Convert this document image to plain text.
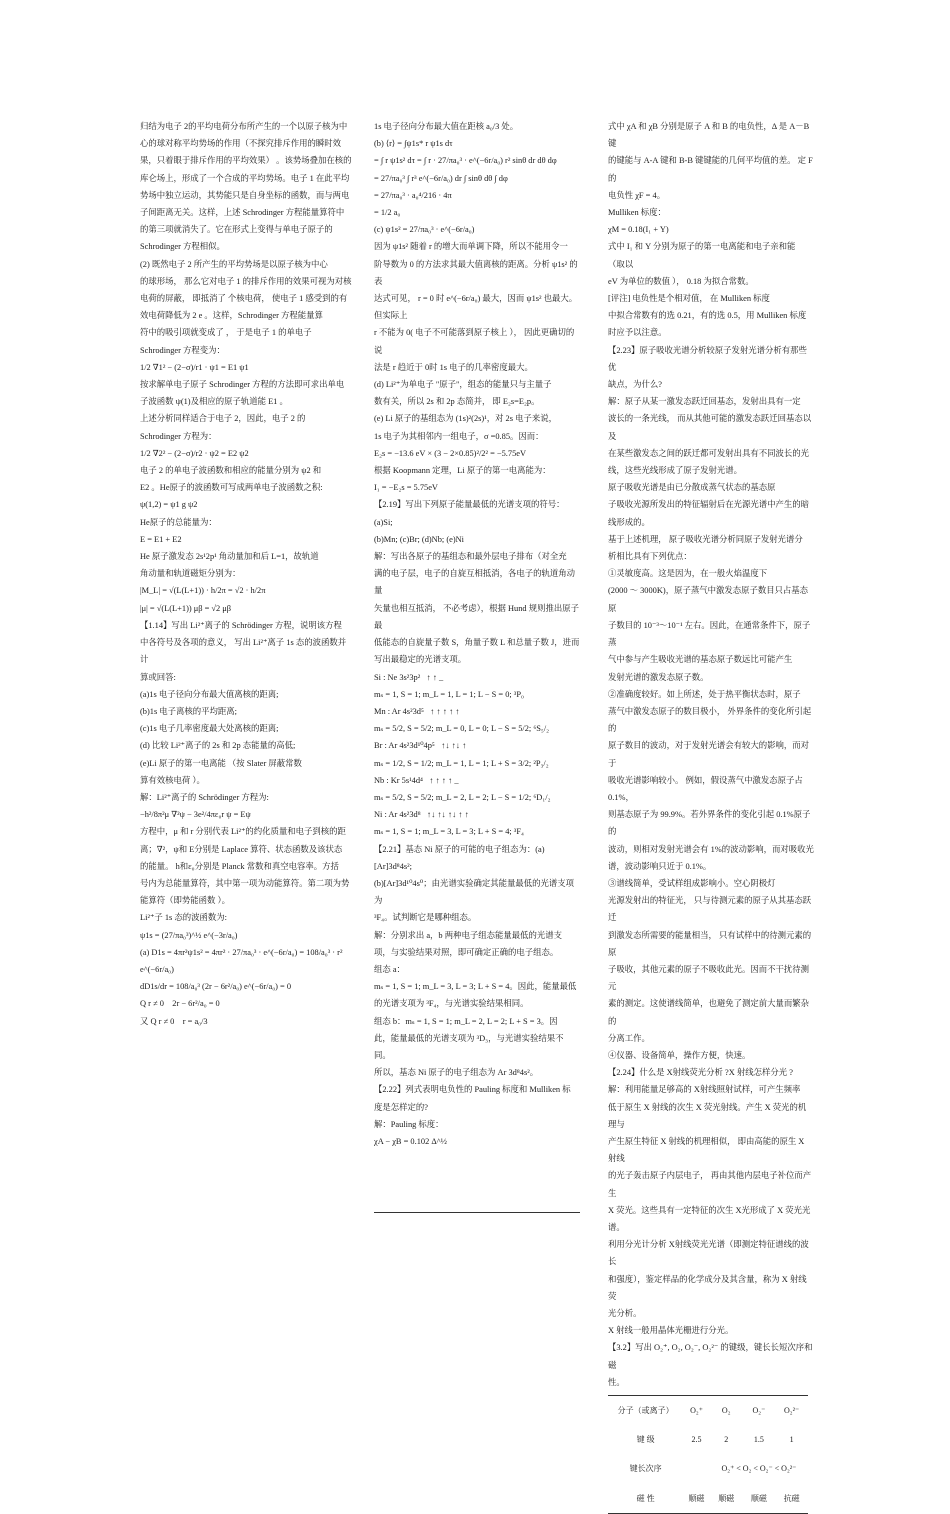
归结为电子 2的平均电荷分布所产生的一个以原子核为中
心的球对称平均势场的作用（不探究排斥作用的瞬时效
果，只着眼于排斥作用的平均效果） 。该势场叠加在核的
库仑场上，形成了一个合成的平均势场。电子 1 在此平均
势场中独立运动，其势能只是自身坐标的函数，而与两电
子间距离无关。这样，上述 Schrodinger 方程能量算符中
的第三项就消失了。它在形式上变得与单电子原子的
Schrodinger 方程相似。
(2) 既然电子 2 所产生的平均势场是以原子核为中心
的球形场， 那么它对电子 1 的排斥作用的效果可视为对核
电荷的屏蔽， 即抵消了 个核电荷， 使电子 1 感受到的有
效电荷降低为 2 e 。这样，Schrodinger 方程能量算
符中的吸引项就变成了 ， 于是电子 1 的单电子
Schrodinger 方程变为：
1/2 ∇1² − (2−σ)/r1 · ψ1 = E1 ψ1
按求解单电子原子 Schrodinger 方程的方法即可求出单电
子波函数 ψ(1)及相应的原子轨道能 E1 。
上述分析同样适合于电子 2，因此，电子 2 的
Schrodinger 方程为：
1/2 ∇2² − (2−σ)/r2 · ψ2 = E2 ψ2
电子 2 的单电子波函数和相应的能量分别为 ψ2 和
E2 。He原子的波函数可写成两单电子波函数之积:
ψ(1,2) = ψ1 g ψ2
He原子的总能量为：
E = E1 + E2
He 原子激发态 2s¹2p¹ 角动量加和后 L=1，故轨道
角动量和轨道磁矩分别为：
|M_L| = √(L(L+1)) · h/2π = √2 · h/2π
|μ| = √(L(L+1)) μβ = √2 μβ
【1.14】写出 Li²⁺离子的 Schrödinger 方程，说明该方程
中各符号及各项的意义， 写出 Li²⁺离子 1s 态的波函数并计
算或回答:
(a)1s 电子径向分布最大值离核的距离;
(b)1s 电子离核的平均距离;
(c)1s 电子几率密度最大处离核的距离;
(d) 比较 Li²⁺离子的 2s 和 2p 态能量的高低;
(e)Li 原子的第一电离能 （按 Slater 屏蔽常数
算有效核电荷 ）。
解：Li²⁺离子的 Schrödinger 方程为:
−h²/8π²μ ∇²ψ − 3e²/4πε₀r ψ = Eψ
方程中，μ 和 r 分别代表 Li²⁺的约化质量和电子到核的距
离；∇²，ψ和 E分别是 Laplace 算符、状态函数及该状态
的能量。 h和ε₀分别是 Planck 常数和真空电容率。方括
号内为总能量算符，其中第一项为动能算符。第二项为势
能算符（即势能函数 ）。
Li²⁺子 1s 态的波函数为:
ψ1s = (27/πa₀³)^½ e^(−3r/a₀)
(a) D1s = 4πr²ψ1s² = 4πr² · 27/πa₀³ · e^(−6r/a₀) = 108/a₀³ · r² e^(−6r/a₀)
dD1s/dr = 108/a₀³ (2r − 6r²/a₀) e^(−6r/a₀) = 0
Q r ≠ 0    2r − 6r²/a₀ = 0
又 Q r ≠ 0    r = a₀/3
1s 电子径向分布最大值在距核 a₀/3 处。
(b) ⟨r⟩ = ∫ψ1s* r ψ1s dτ
= ∫ r ψ1s² dτ = ∫ r · 27/πa₀³ · e^(−6r/a₀) r² sinθ dr dθ dφ
= 27/πa₀³ ∫ r³ e^(−6r/a₀) dr ∫ sinθ dθ ∫ dφ
= 27/πa₀³ · a₀⁴/216 · 4π
= 1/2 a₀
(c) ψ1s² = 27/πa₀³ · e^(−6r/a₀)
因为 ψ1s² 随着 r 的增大而单调下降，所以不能用令一
阶导数为 0 的方法求其最大值离核的距离。分析 ψ1s² 的表
达式可见， r = 0 时 e^(−6r/a₀) 最大，因而 ψ1s² 也最大。但实际上
r 不能为 0( 电子不可能落到原子核上 ）， 因此更确切的说
法是 r 趋近于 0时 1s 电子的几率密度最大。
(d) Li²⁺为单电子 "原子"，组态的能量只与主量子
数有关，所以 2s 和 2p 态简并， 即 E₂s=E₂p。
(e) Li 原子的基组态为 (1s)²(2s)¹，对 2s 电子来说，
1s 电子为其相邻内一组电子，σ =0.85。因而：
E₂s = −13.6 eV × (3 − 2×0.85)²/2² = −5.75eV
根据 Koopmann 定理，Li 原子的第一电离能为：
I₁ = −E₂s = 5.75eV
【2.19】写出下列原子能量最低的光谱支项的符号：(a)Si;
(b)Mn; (c)Br; (d)Nb; (e)Ni
解：写出各原子的基组态和最外层电子排布（对全充
满的电子层，电子的自旋互相抵消，各电子的轨道角动量
矢量也相互抵消， 不必考虑），根据 Hund 规则推出原子最
低能态的自旋量子数 S，角量子数 L 和总量子数 J，进而
写出最稳定的光谱支项。
Si : Ne 3s²3p²   ↑ ↑ _
mₛ = 1, S = 1; m_L = 1, L = 1; L − S = 0; ³P₀
Mn : Ar 4s²3d⁵   ↑ ↑ ↑ ↑ ↑
mₛ = 5/2, S = 5/2; m_L = 0, L = 0; L − S = 5/2; ⁶S₅/₂
Br : Ar 4s²3d¹⁰4p⁵   ↑↓ ↑↓ ↑
mₛ = 1/2, S = 1/2; m_L = 1, L = 1; L + S = 3/2; ²P₃/₂
Nb : Kr 5s¹4d⁴   ↑ ↑ ↑ ↑ _
mₛ = 5/2, S = 5/2; m_L = 2, L = 2; L − S = 1/2; ⁶D₁/₂
Ni : Ar 4s²3d⁸   ↑↓ ↑↓ ↑↓ ↑ ↑
mₛ = 1, S = 1; m_L = 3, L = 3; L + S = 4; ³F₄
【2.21】基态 Ni 原子的可能的电子组态为：(a)[Ar]3d⁸4s²;
(b)[Ar]3d¹⁰4s⁰；由光谱实验确定其能量最低的光谱支项为
³F₄。试判断它是哪种组态。
解：分别求出 a，b 两种电子组态能量最低的光谱支
项，与实验结果对照，即可确定正确的电子组态。
组态 a：
mₛ = 1, S = 1; m_L = 3, L = 3; L + S = 4。因此，能量最低
的光谱支项为 ³F₄，与光谱实验结果相同。
组态 b：mₛ = 1, S = 1; m_L = 2, L = 2; L + S = 3。因
此，能量最低的光谱支项为 ³D₃，与光谱实验结果不同。
所以，基态 Ni 原子的电子组态为 Ar 3d⁸4s²。
【2.22】列式表明电负性的 Pauling 标度和 Mulliken 标
度是怎样定的?
解：Pauling 标度：
χA − χB = 0.102 Δ^½
式中 χA 和 χB 分别是原子 A 和 B 的电负性，Δ 是 A－B 键
的键能与 A-A 键和 B-B 键键能的几何平均值的差。 定 F 的
电负性 χF = 4。
Mulliken 标度：
χM = 0.18(I₁ + Y)
式中 I₁ 和 Y 分别为原子的第一电离能和电子亲和能 （取以
eV 为单位的数值 ）， 0.18 为拟合常数。
[评注] 电负性是个相对值， 在 Mulliken 标度
中拟合常数有的选 0.21，有的选 0.5，用 Mulliken 标度
时应予以注意。
【2.23】原子吸收光谱分析较原子发射光谱分析有那些优
缺点，为什么?
解：原子从某一激发态跃迁回基态，发射出具有一定
波长的一条光线， 而从其他可能的激发态跃迁回基态以及
在某些激发态之间的跃迁都可发射出具有不同波长的光
线，这些光线形成了原子发射光谱。
原子吸收光谱是由已分散成蒸气状态的基态原
子吸收光源所发出的特征辐射后在光源光谱中产生的暗
线形成的。
基于上述机理， 原子吸收光谱分析同原子发射光谱分
析相比具有下列优点：
①灵敏度高。这是因为，在一般火焰温度下
(2000 ～ 3000K)，原子蒸气中激发态原子数目只占基态原
子数目的 10⁻³～10⁻¹ 左右。因此，在通常条件下，原子蒸
气中参与产生吸收光谱的基态原子数远比可能产生
发射光谱的激发态原子数。
②准确度较好。如上所述，处于热平衡状态时，原子
蒸气中激发态原子的数目极小， 外界条件的变化所引起的
原子数目的波动，对于发射光谱会有较大的影响，而对于
吸收光谱影响较小。 例如，假设蒸气中激发态原子占 0.1%，
则基态原子为 99.9%。若外界条件的变化引起 0.1%原子的
波动，则相对发射光谱会有 1%的波动影响，而对吸收光
谱，波动影响只近于 0.1%。
③谱线简单，受试样组成影响小。空心阴极灯
光源发射出的特征光， 只与待测元素的原子从其基态跃迁
到激发态所需要的能量相当， 只有试样中的待测元素的原
子吸收，其他元素的原子不吸收此光。因而不干扰待测元
素的测定。这使谱线简单，也避免了测定前大量而繁杂的
分离工作。
④仪器、设备简单，操作方便，快速。
【2.24】什么是 X射线荧光分析 ?X 射线怎样分光 ?
解：利用能量足够高的 X射线照射试样，可产生频率
低于原生 X 射线的次生 X 荧光射线。产生 X 荧光的机理与
产生原生特征 X 射线的机理相似， 即由高能的原生 X 射线
的光子轰击原子内层电子， 再由其他内层电子补位而产生
X 荧光。这些具有一定特征的次生 X光形成了 X 荧光光谱。
利用分光计分析 X射线荧光光谱（即测定特征谱线的波长
和强度），鉴定样品的化学成分及其含量，称为 X 射线荧
光分析。
X 射线一般用晶体光栅进行分光。
【3.2】写出 O₂⁺, O₂, O₂⁻, O₂²⁻ 的键级，键长长短次序和磁
性。
分子（或离子）	O₂⁺	O₂	O₂⁻	O₂²⁻
键 级	2.5	2	1.5	1
键长次序		O₂⁺ < O₂ < O₂⁻ < O₂²⁻		
磁 性	顺磁	顺磁	顺磁	抗磁
